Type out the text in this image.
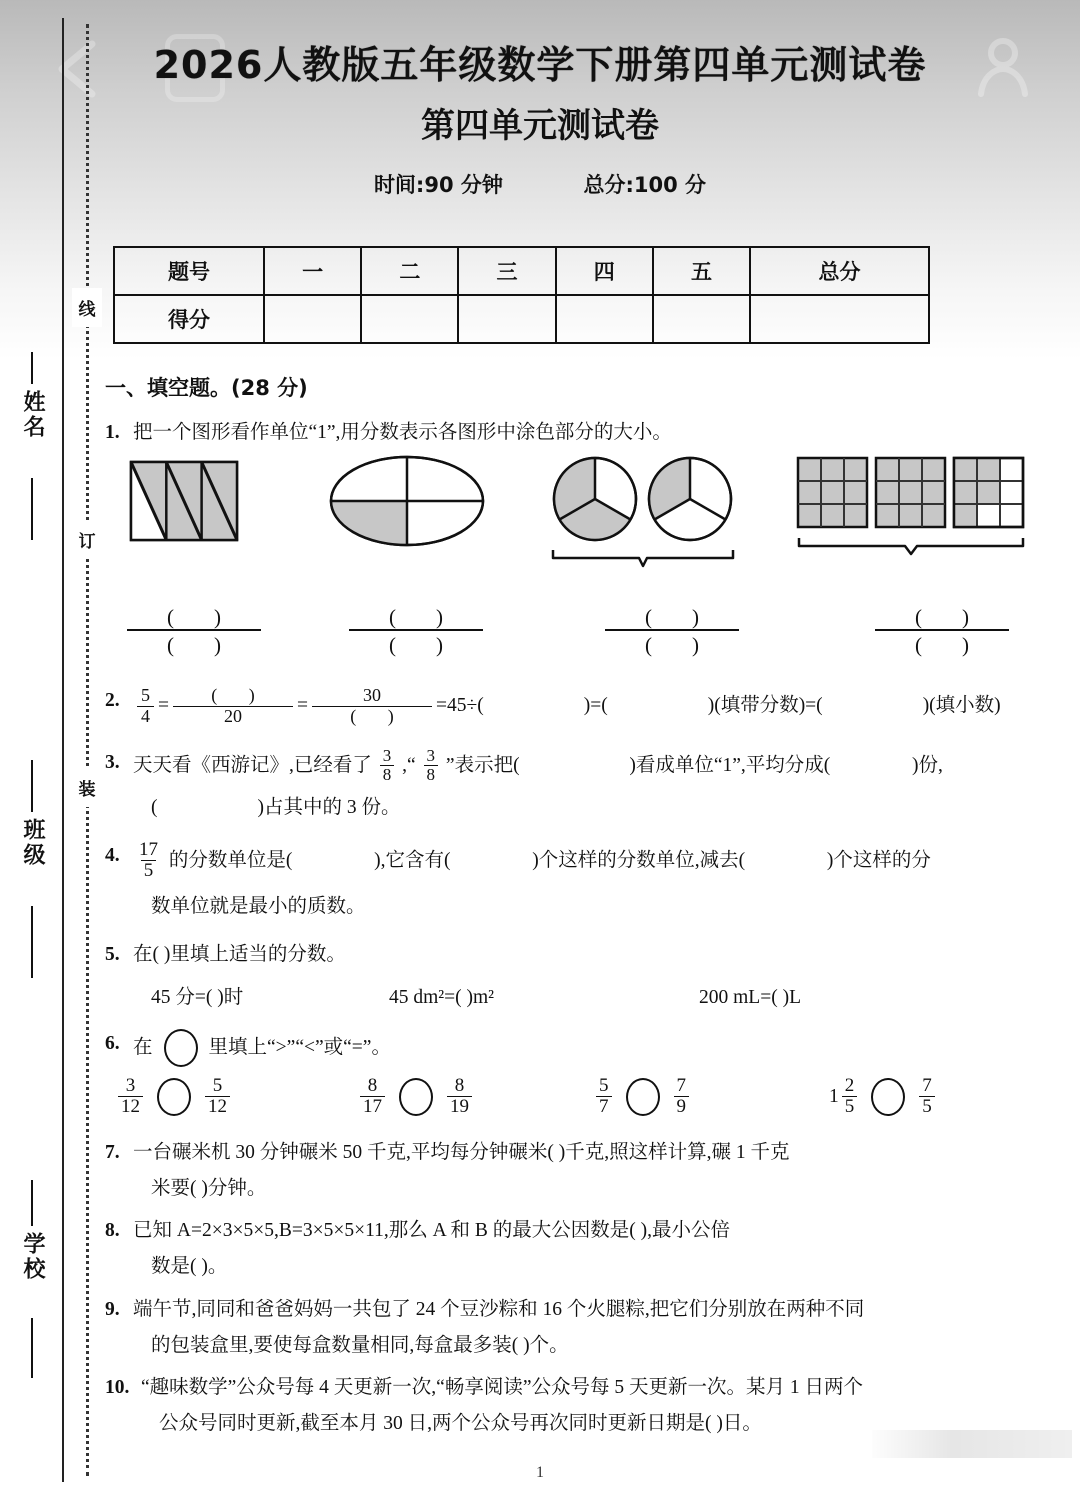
线
订
装
姓名
班级
学校
2026人教版五年级数学下册第四单元测试卷
第四单元测试卷
时间:90 分钟	总分:100 分
题号	一	二	三	四	五	总分
得分						
一、填空题。(28 分)
1. 把一个图形看作单位“1”,用分数表示各图形中涂色部分的大小。
()
()
()
()
()
()
()
()
2. $\frac{5}{4}$ =
(       )
20	=
30
(       )	=45÷(	)=(	)(填带分数)=(	)(填小数)
3. 天天看《西游记》,已经看了 $\frac{3}{8}$ ,“ $\frac{3}{8}$ ”表示把(	)看成单位“1”,平均分成(	)份,
(	)占其中的 3 份。
4. $\frac{17}{5}$ 的分数单位是(	),它含有(	)个这样的分数单位,减去(	)个这样的分
数单位就是最小的质数。
5. 在( )里填上适当的分数。
45 分=( )时	45 dm²=( )m²	200 mL=( )L
6. 在	里填上“>”“<”或“=”。
$\frac{3}{12}$	$\frac{5}{12}$	$\frac{8}{17}$	$\frac{8}{19}$	$\frac{5}{7}$	$\frac{7}{9}$	$1 \frac{2}{5}$	$\frac{7}{5}$
7. 一台碾米机 30 分钟碾米 50 千克,平均每分钟碾米( )千克,照这样计算,碾 1 千克
米要( )分钟。
8. 已知 A=2×3×5×5,B=3×5×5×11,那么 A 和 B 的最大公因数是( ),最小公倍
数是( )。
9. 端午节,同同和爸爸妈妈一共包了 24 个豆沙粽和 16 个火腿粽,把它们分别放在两种不同
的包装盒里,要使每盒数量相同,每盒最多装( )个。
10. “趣味数学”公众号每 4 天更新一次,“畅享阅读”公众号每 5 天更新一次。某月 1 日两个
公众号同时更新,截至本月 30 日,两个公众号再次同时更新日期是( )日。
1
